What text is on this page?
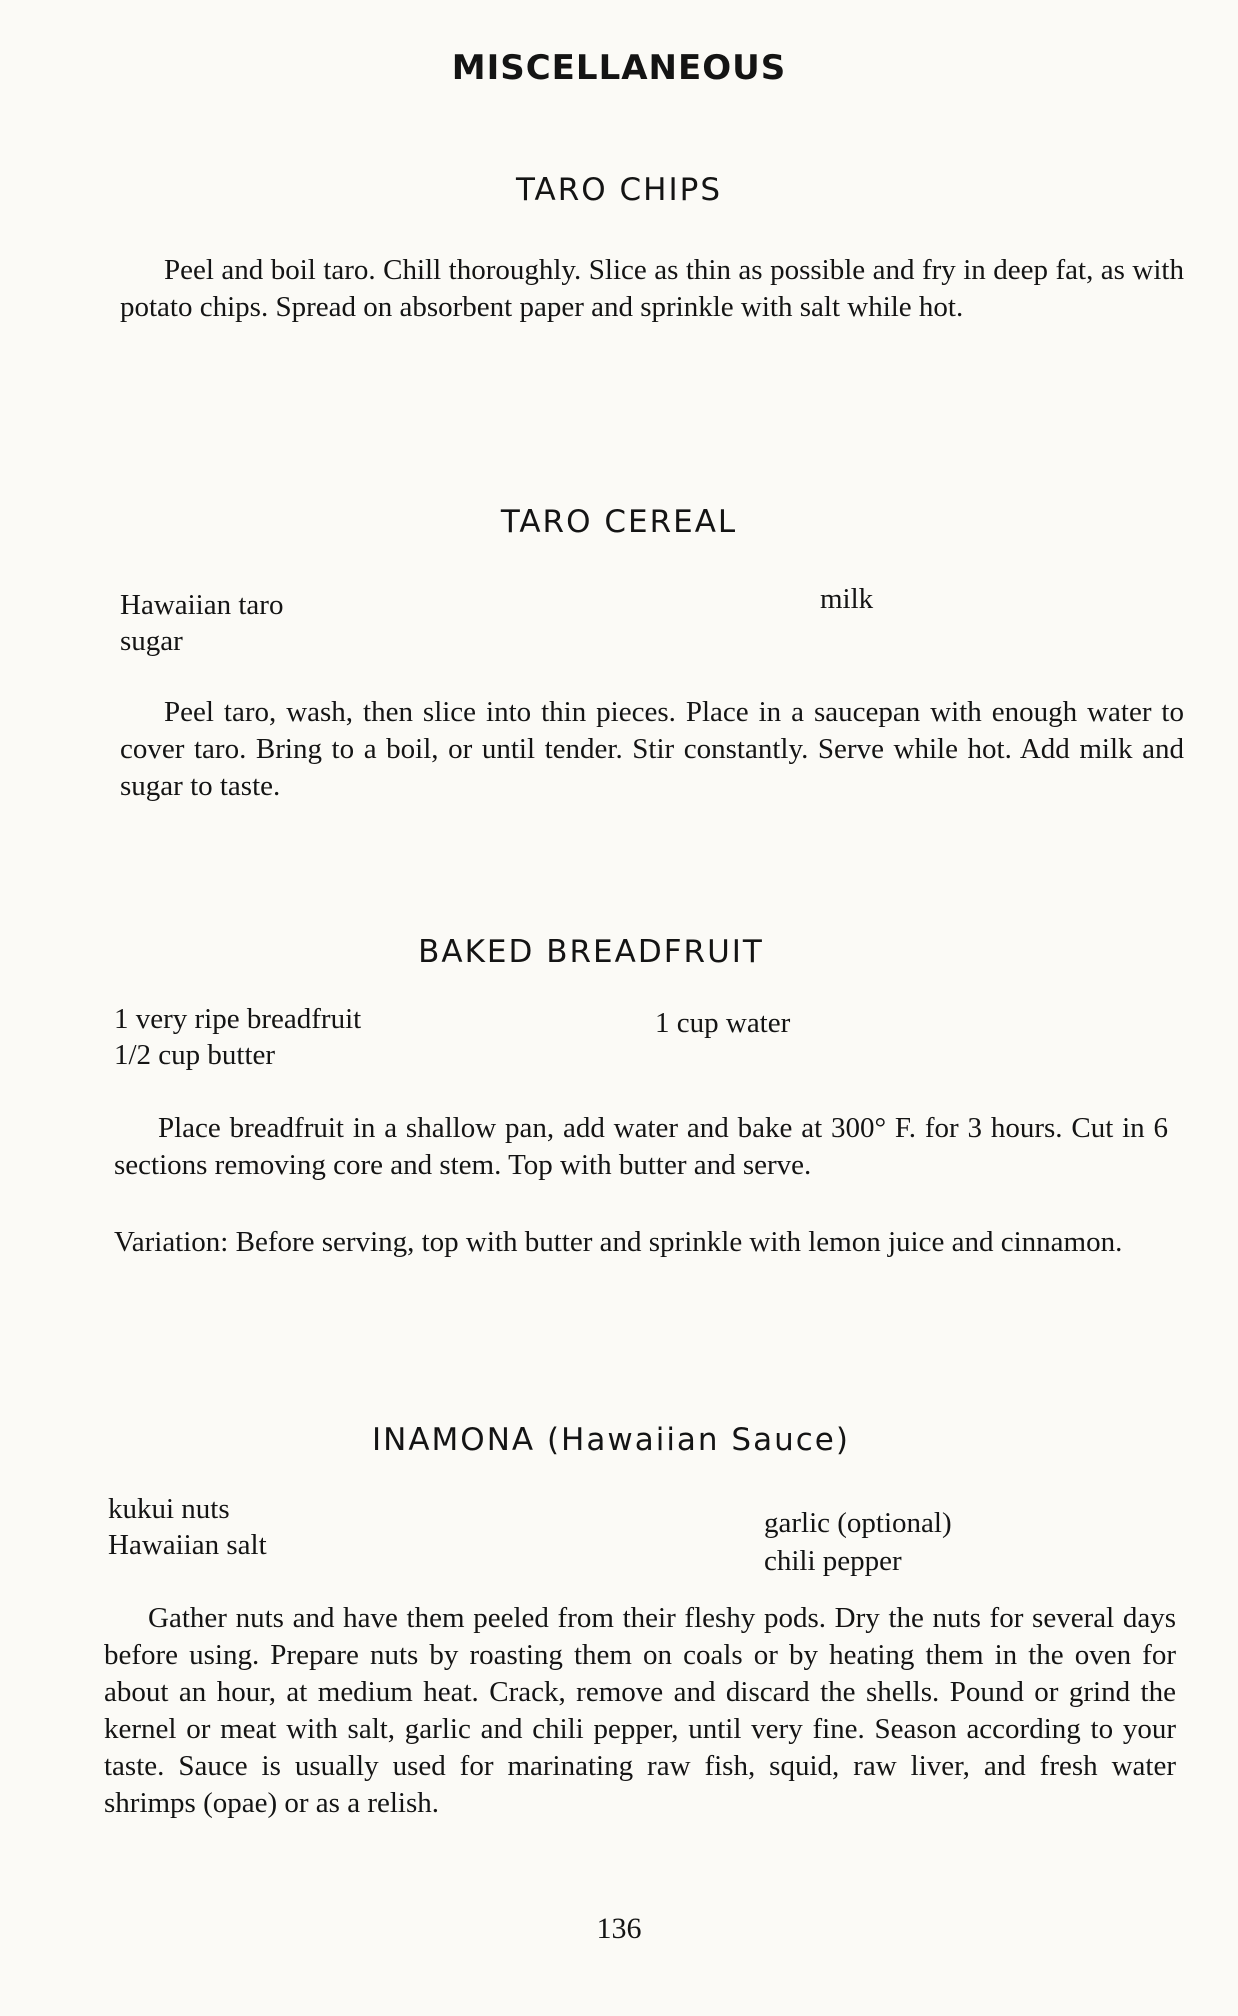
MISCELLANEOUS
TARO CHIPS

Peel and boil taro. Chill thoroughly. Slice as thin as possible and fry in deep fat, as with potato chips. Spread on absorbent paper and sprinkle with salt while hot.

TARO CEREAL

Hawaiian taro

sugar

milk

Peel taro, wash, then slice into thin pieces. Place in a saucepan with enough water to cover taro. Bring to a boil, or until tender. Stir constantly. Serve while hot. Add milk and sugar to taste.

BAKED BREADFRUIT

1 very ripe breadfruit

1/2 cup butter

1 cup water

Place breadfruit in a shallow pan, add water and bake at 300° F. for 3 hours. Cut in 6 sections removing core and stem. Top with butter and serve.

Variation: Before serving, top with butter and sprinkle with lemon juice and cinnamon.

INAMONA (Hawaiian Sauce)

kukui nuts

Hawaiian salt

garlic (optional)

chili pepper

Gather nuts and have them peeled from their fleshy pods. Dry the nuts for several days before using. Prepare nuts by roasting them on coals or by heating them in the oven for about an hour, at medium heat. Crack, remove and discard the shells. Pound or grind the kernel or meat with salt, garlic and chili pepper, until very fine. Season according to your taste. Sauce is usually used for marinating raw fish, squid, raw liver, and fresh water shrimps (opae) or as a relish.

136
